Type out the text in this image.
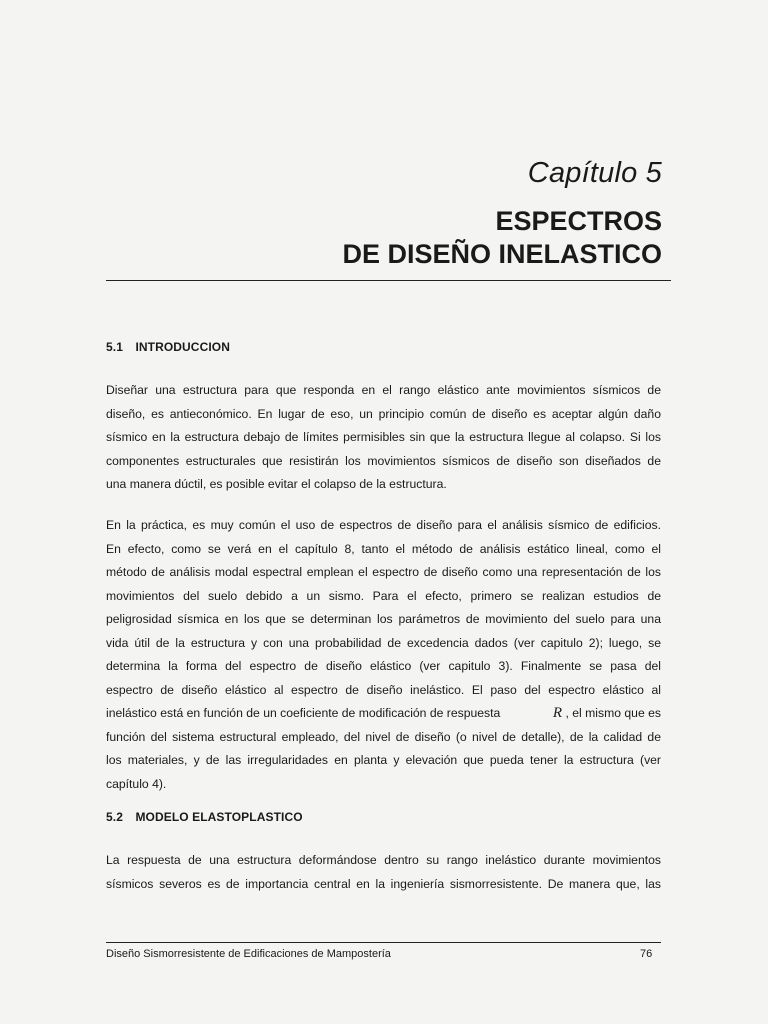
Capítulo 5
ESPECTROS
DE DISEÑO INELASTICO
5.1 INTRODUCCION
Diseñar una estructura para que responda en el rango elástico ante movimientos sísmicos de
diseño, es antieconómico. En lugar de eso, un principio común de diseño es aceptar algún daño
sísmico en la estructura debajo de límites permisibles sin que la estructura llegue al colapso. Si los
componentes estructurales que resistirán los movimientos sísmicos de diseño son diseñados de
una manera dúctil, es posible evitar el colapso de la estructura.
En la práctica, es muy común el uso de espectros de diseño para el análisis sísmico de edificios.
En efecto, como se verá en el capítulo 8, tanto el método de análisis estático lineal, como el
método de análisis modal espectral emplean el espectro de diseño como una representación de los
movimientos del suelo debido a un sismo. Para el efecto, primero se realizan estudios de
peligrosidad sísmica en los que se determinan los parámetros de movimiento del suelo para una
vida útil de la estructura y con una probabilidad de excedencia dados (ver capitulo 2); luego, se
determina la forma del espectro de diseño elástico (ver capitulo 3). Finalmente se pasa del
espectro de diseño elástico al espectro de diseño inelástico. El paso del espectro elástico al
inelástico está en función de un coeficiente de modificación de respuesta	R , el mismo que es
función del sistema estructural empleado, del nivel de diseño (o nivel de detalle), de la calidad de
los materiales, y de las irregularidades en planta y elevación que pueda tener la estructura (ver
capítulo 4).
5.2 MODELO ELASTOPLASTICO
La respuesta de una estructura deformándose dentro su rango inelástico durante movimientos
sísmicos severos es de importancia central en la ingeniería sismorresistente. De manera que, las
Diseño Sismorresistente de Edificaciones de Mampostería	76
